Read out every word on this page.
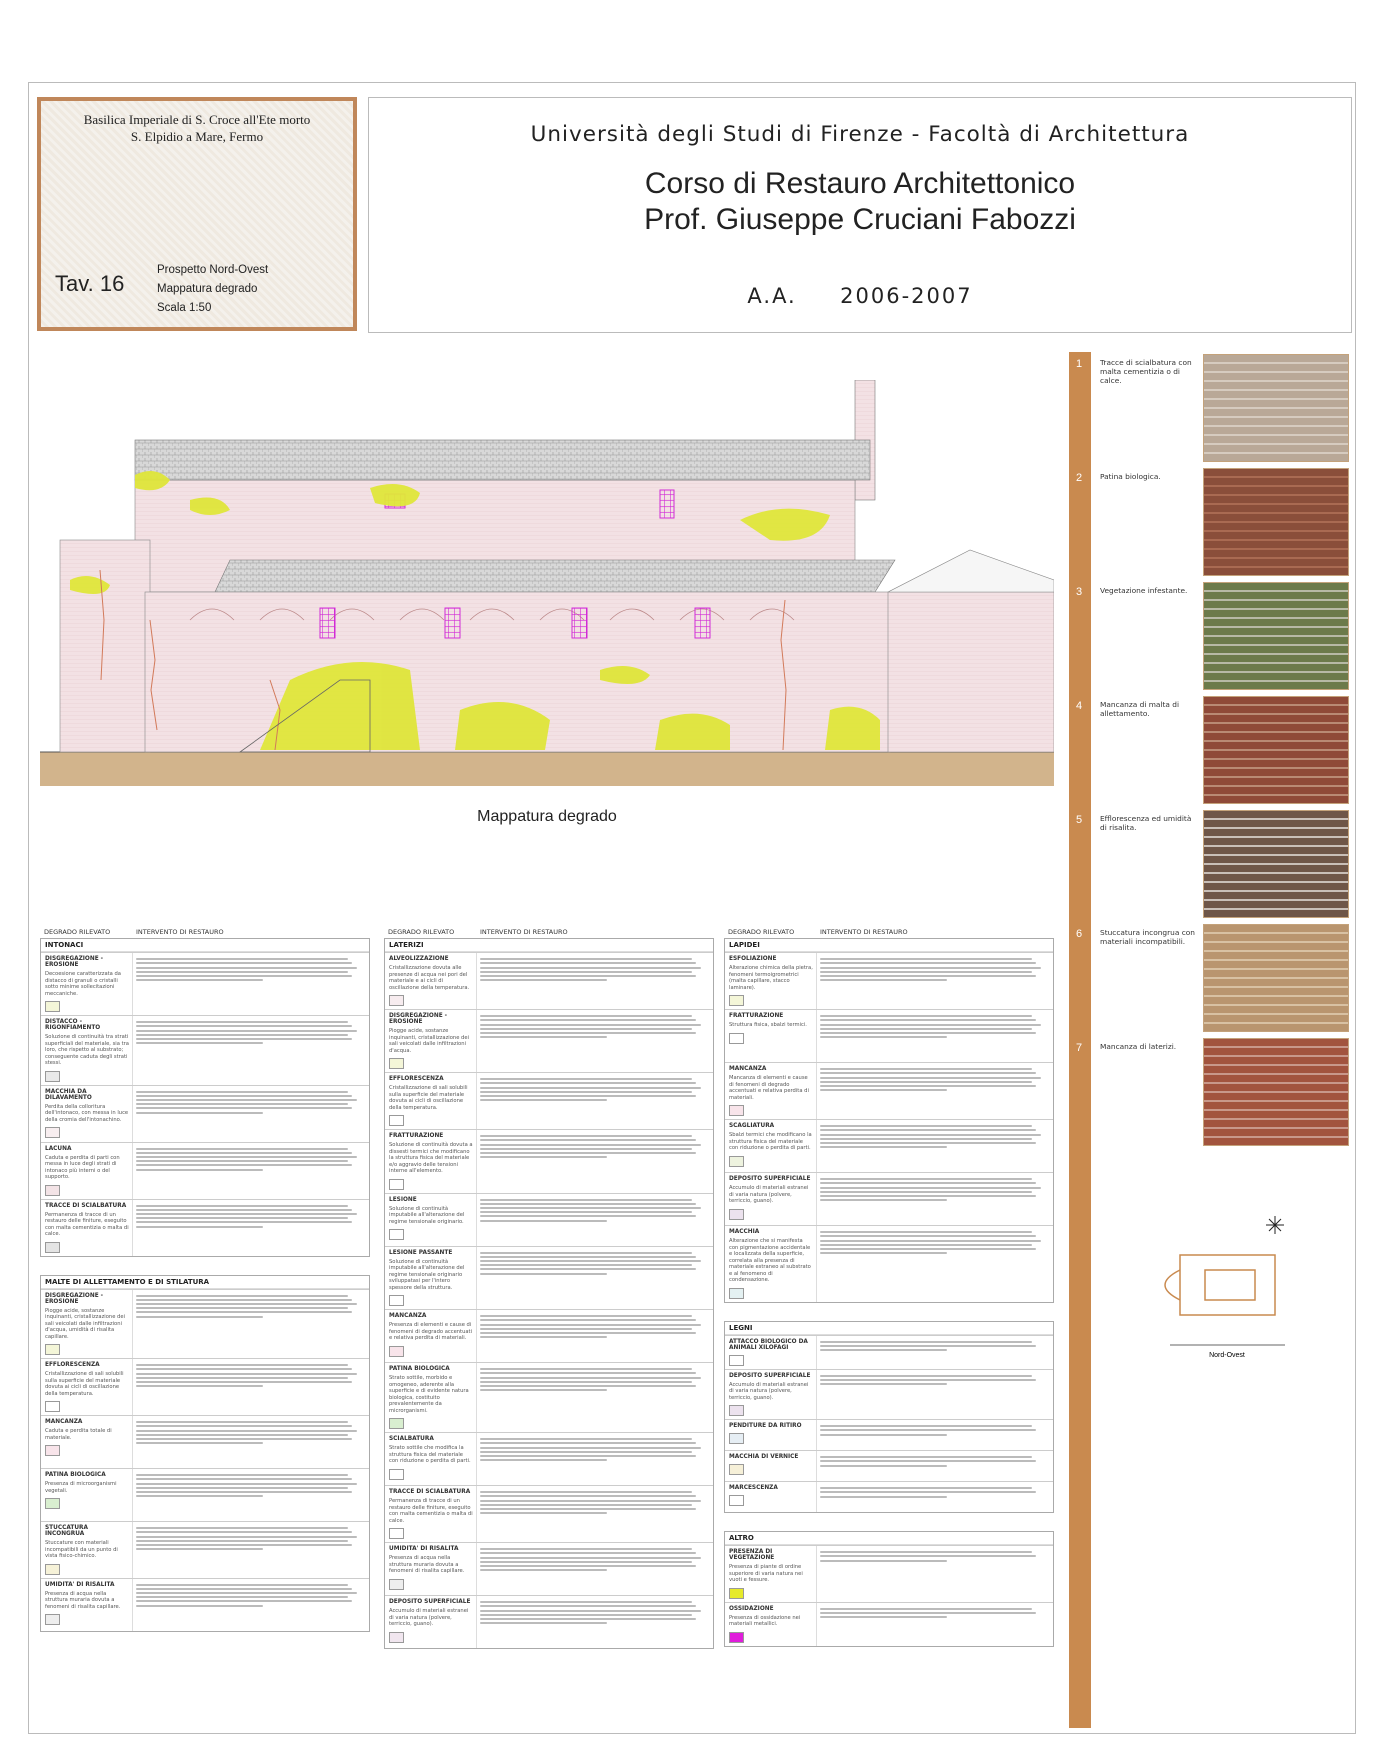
Basilica Imperiale di S. Croce all'Ete morto
S. Elpidio a Mare, Fermo
Tav. 16
Prospetto Nord-Ovest
Mappatura degrado
Scala 1:50
Università degli Studi di Firenze - Facoltà di Architettura
Corso di Restauro Architettonico
Prof. Giuseppe Cruciani Fabozzi
A.A. 2006-2007
Mappatura degrado
DEGRADO RILEVATO	INTERVENTO DI RESTAURO
INTONACI
DISGREGAZIONE - EROSIONE
Decoesione caratterizzata da distacco di granuli o cristalli sotto minime sollecitazioni meccaniche.
DISTACCO - RIGONFIAMENTO
Soluzione di continuità tra strati superficiali del materiale, sia tra loro, che rispetto al substrato; conseguente caduta degli strati stessi.
MACCHIA DA DILAVAMENTO
Perdita della colloritura dell'intonaco, con messa in luce della cromia dell'intonachino.
LACUNA
Caduta e perdita di parti con messa in luce degli strati di intonaco più interni o del supporto.
TRACCE DI SCIALBATURA
Permanenza di tracce di un restauro delle finiture, eseguito con malta cementizia o malta di calce.
MALTE DI ALLETTAMENTO E DI STILATURA
DISGREGAZIONE - EROSIONE
Piogge acide, sostanze inquinanti, cristallizzazione dei sali veicolati dalle infiltrazioni d'acqua, umidità di risalita capillare.
EFFLORESCENZA
Cristallizzazione di sali solubili sulla superficie del materiale dovuta ai cicli di oscillazione della temperatura.
MANCANZA
Caduta e perdita totale di materiale.
PATINA BIOLOGICA
Presenza di microorganismi vegetali.
STUCCATURA INCONGRUA
Stuccature con materiali incompatibili da un punto di vista fisico-chimico.
UMIDITA' DI RISALITA
Presenza di acqua nella struttura muraria dovuta a fenomeni di risalita capillare.
DEGRADO RILEVATO	INTERVENTO DI RESTAURO
LATERIZI
ALVEOLIZZAZIONE
Cristallizzazione dovuta alle presenze di acqua nei pori del materiale e ai cicli di oscillazione della temperatura.
DISGREGAZIONE - EROSIONE
Piogge acide, sostanze inquinanti, cristallizzazione dei sali veicolati dalle infiltrazioni d'acqua.
EFFLORESCENZA
Cristallizzazione di sali solubili sulla superficie del materiale dovuta ai cicli di oscillazione della temperatura.
FRATTURAZIONE
Soluzione di continuità dovuta a dissesti termici che modificano la struttura fisica del materiale e/o aggravio delle tensioni interne all'elemento.
LESIONE
Soluzione di continuità imputabile all'alterazione del regime tensionale originario.
LESIONE PASSANTE
Soluzione di continuità imputabile all'alterazione del regime tensionale originario sviluppatasi per l'intero spessore della struttura.
MANCANZA
Presenza di elementi e cause di fenomeni di degrado accentuati e relativa perdita di materiali.
PATINA BIOLOGICA
Strato sottile, morbido e omogeneo, aderente alla superficie e di evidente natura biologica, costituito prevalentemente da microrganismi.
SCIALBATURA
Strato sottile che modifica la struttura fisica del materiale con riduzione o perdita di parti.
TRACCE DI SCIALBATURA
Permanenza di tracce di un restauro delle finiture, eseguito con malta cementizia o malta di calce.
UMIDITA' DI RISALITA
Presenza di acqua nella struttura muraria dovuta a fenomeni di risalita capillare.
DEPOSITO SUPERFICIALE
Accumulo di materiali estranei di varia natura (polvere, terriccio, guano).
DEGRADO RILEVATO	INTERVENTO DI RESTAURO
LAPIDEI
ESFOLIAZIONE
Alterazione chimica della pietra, fenomeni termoigrometrici (malta capillare, stacco laminare).
FRATTURAZIONE
Struttura fisica, sbalzi termici.
MANCANZA
Mancanza di elementi e cause di fenomeni di degrado accentuati e relativa perdita di materiali.
SCAGLIATURA
Sbalzi termici che modificano la struttura fisica del materiale con riduzione o perdita di parti.
DEPOSITO SUPERFICIALE
Accumulo di materiali estranei di varia natura (polvere, terriccio, guano).
MACCHIA
Alterazione che si manifesta con pigmentazione accidentale e localizzata della superficie, correlata alla presenza di materiale estraneo al substrato e al fenomeno di condensazione.
LEGNI
ATTACCO BIOLOGICO DA ANIMALI XILOFAGI
DEPOSITO SUPERFICIALE
Accumulo di materiali estranei di varia natura (polvere, terriccio, guano).
PENDITURE DA RITIRO
MACCHIA DI VERNICE
MARCESCENZA
ALTRO
PRESENZA DI VEGETAZIONE
Presenza di piante di ordine superiore di varia natura nei vuoti e fessure.
OSSIDAZIONE
Presenza di ossidazione nei materiali metallici.
1 Tracce di scialbatura con malta cementizia o di calce.
2 Patina biologica.
3 Vegetazione infestante.
4 Mancanza di malta di allettamento.
5 Efflorescenza ed umidità di risalita.
6 Stuccatura incongrua con materiali incompatibili.
7 Mancanza di laterizi.
Nord-Ovest
